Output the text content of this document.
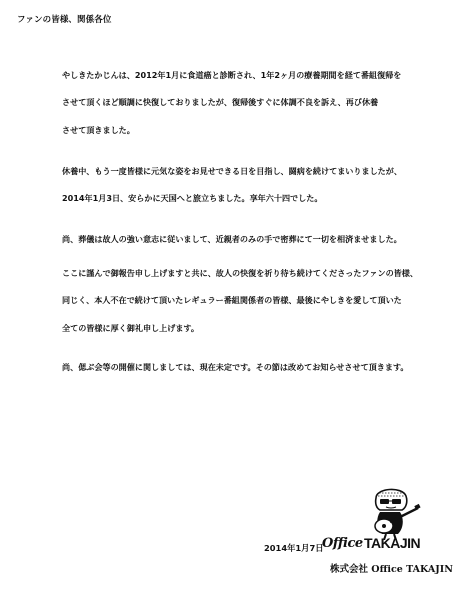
ファンの皆様、関係各位
やしきたかじんは、2012年1月に食道癌と診断され、1年2ヶ月の療養期間を経て番組復帰を
させて頂くほど順調に快復しておりましたが、復帰後すぐに体調不良を訴え、再び休養
させて頂きました。
休養中、もう一度皆様に元気な姿をお見せできる日を目指し、闘病を続けてまいりましたが、
2014年1月3日、安らかに天国へと旅立ちました。享年六十四でした。
尚、葬儀は故人の強い意志に従いまして、近親者のみの手で密葬にて一切を相済ませました。
ここに謹んで御報告申し上げますと共に、故人の快復を祈り待ち続けてくださったファンの皆様、
同じく、本人不在で続けて頂いたレギュラー番組関係者の皆様、最後にやしきを愛して頂いた
全ての皆様に厚く御礼申し上げます。
尚、偲ぶ会等の開催に関しましては、現在未定です。その節は改めてお知らせさせて頂きます。
2014年1月7日
Office TAKAJIN
株式会社 Office TAKAJIN
